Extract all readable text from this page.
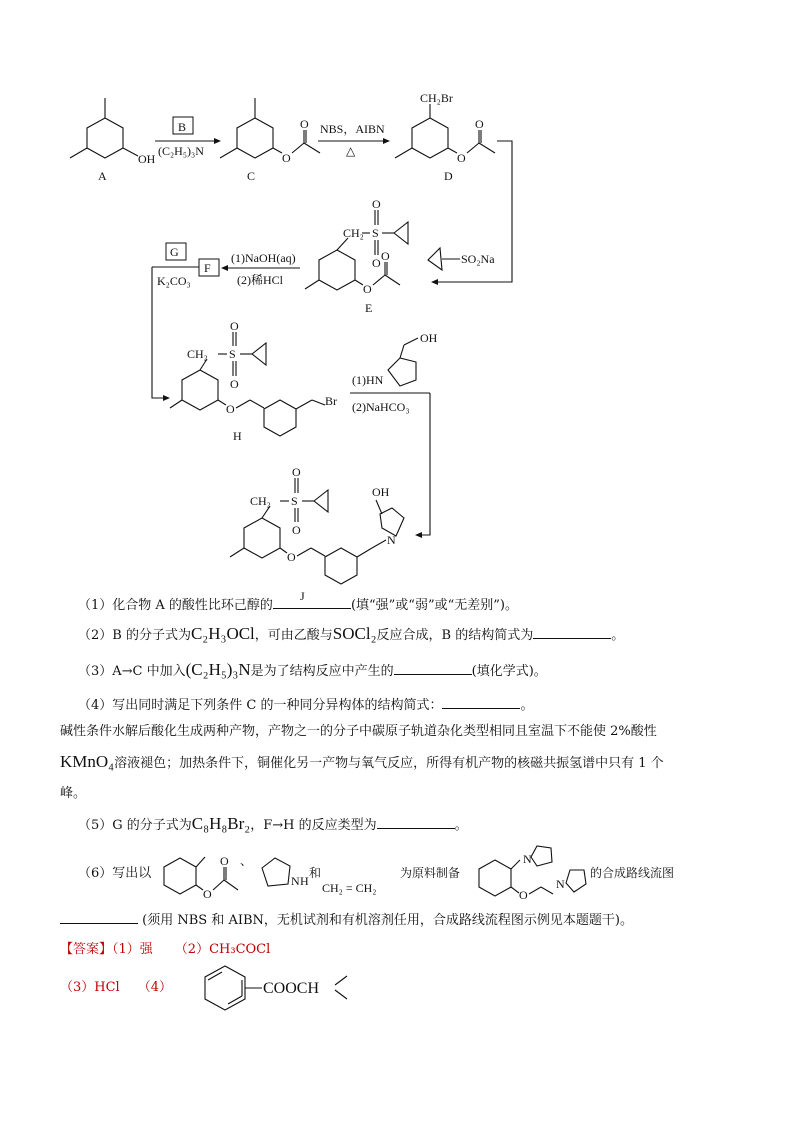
OH
A
B
(C₂H₅)₃N	O
O
C
NBS，AIBN
△
CH₂Br
O
O
D
SO₂Na
CH₂ S
O
O
O
O
E
(1)NaOH(aq)
(2)稀HCl
F
G
K₂CO₃
CH₂ S
O
O
O
Br
H
OH
(1)HN
(2)NaHCO₃
CH₂ S
O
O
O
N
OH
J
（1）化合物 A 的酸性比环己醇的	(填“强”或“弱”或“无差别”)。
（2）B 的分子式为C₂H₃OCl，可由乙酸与SOCl₂反应合成，B 的结构简式为	。
（3）A→C 中加入(C₂H₅)₃N是为了结构反应中产生的	(填化学式)。
（4）写出同时满足下列条件 C 的一种同分异构体的结构简式：	。
碱性条件水解后酸化生成两种产物，产物之一的分子中碳原子轨道杂化类型相同且室温下不能使 2%酸性
KMnO₄溶液褪色；加热条件下，铜催化另一产物与氧气反应，所得有机产物的核磁共振氢谱中只有 1 个
峰。
（5）G 的分子式为C₈H₈Br₂，F→H 的反应类型为	。
（6）写出以
O
O 、
N H
和
CH₂ = CH₂
为原料制备
N
O
N
的合成路线流图
(须用 NBS 和 AIBN，无机试剂和有机溶剂任用，合成路线流程图示例见本题题干)。
【答案】（1）强 （2）CH₃COCl
（3）HCl （4）	COOCH
